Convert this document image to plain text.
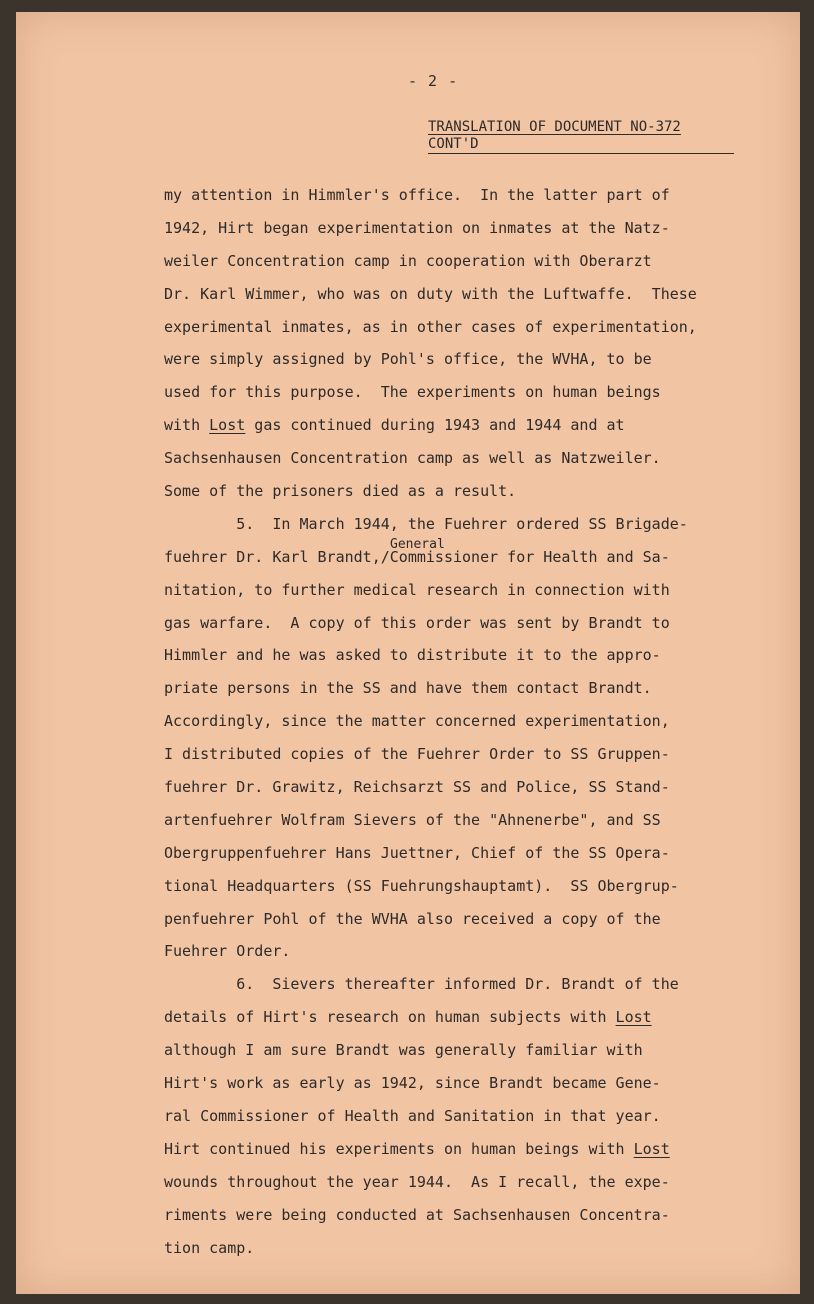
- 2 -
TRANSLATION OF DOCUMENT NO-372
CONT'D
General
my attention in Himmler's office.  In the latter part of
1942, Hirt began experimentation on inmates at the Natz-
weiler Concentration camp in cooperation with Oberarzt
Dr. Karl Wimmer, who was on duty with the Luftwaffe.  These
experimental inmates, as in other cases of experimentation,
were simply assigned by Pohl's office, the WVHA, to be
used for this purpose.  The experiments on human beings
with Lost gas continued during 1943 and 1944 and at
Sachsenhausen Concentration camp as well as Natzweiler.
Some of the prisoners died as a result.
5.  In March 1944, the Fuehrer ordered SS Brigade-
fuehrer Dr. Karl Brandt,/Commissioner for Health and Sa-
nitation, to further medical research in connection with
gas warfare.  A copy of this order was sent by Brandt to
Himmler and he was asked to distribute it to the appro-
priate persons in the SS and have them contact Brandt.
Accordingly, since the matter concerned experimentation,
I distributed copies of the Fuehrer Order to SS Gruppen-
fuehrer Dr. Grawitz, Reichsarzt SS and Police, SS Stand-
artenfuehrer Wolfram Sievers of the "Ahnenerbe", and SS
Obergruppenfuehrer Hans Juettner, Chief of the SS Opera-
tional Headquarters (SS Fuehrungshauptamt).  SS Obergrup-
penfuehrer Pohl of the WVHA also received a copy of the
Fuehrer Order.
6.  Sievers thereafter informed Dr. Brandt of the
details of Hirt's research on human subjects with Lost
although I am sure Brandt was generally familiar with
Hirt's work as early as 1942, since Brandt became Gene-
ral Commissioner of Health and Sanitation in that year.
Hirt continued his experiments on human beings with Lost
wounds throughout the year 1944.  As I recall, the expe-
riments were being conducted at Sachsenhausen Concentra-
tion camp.
